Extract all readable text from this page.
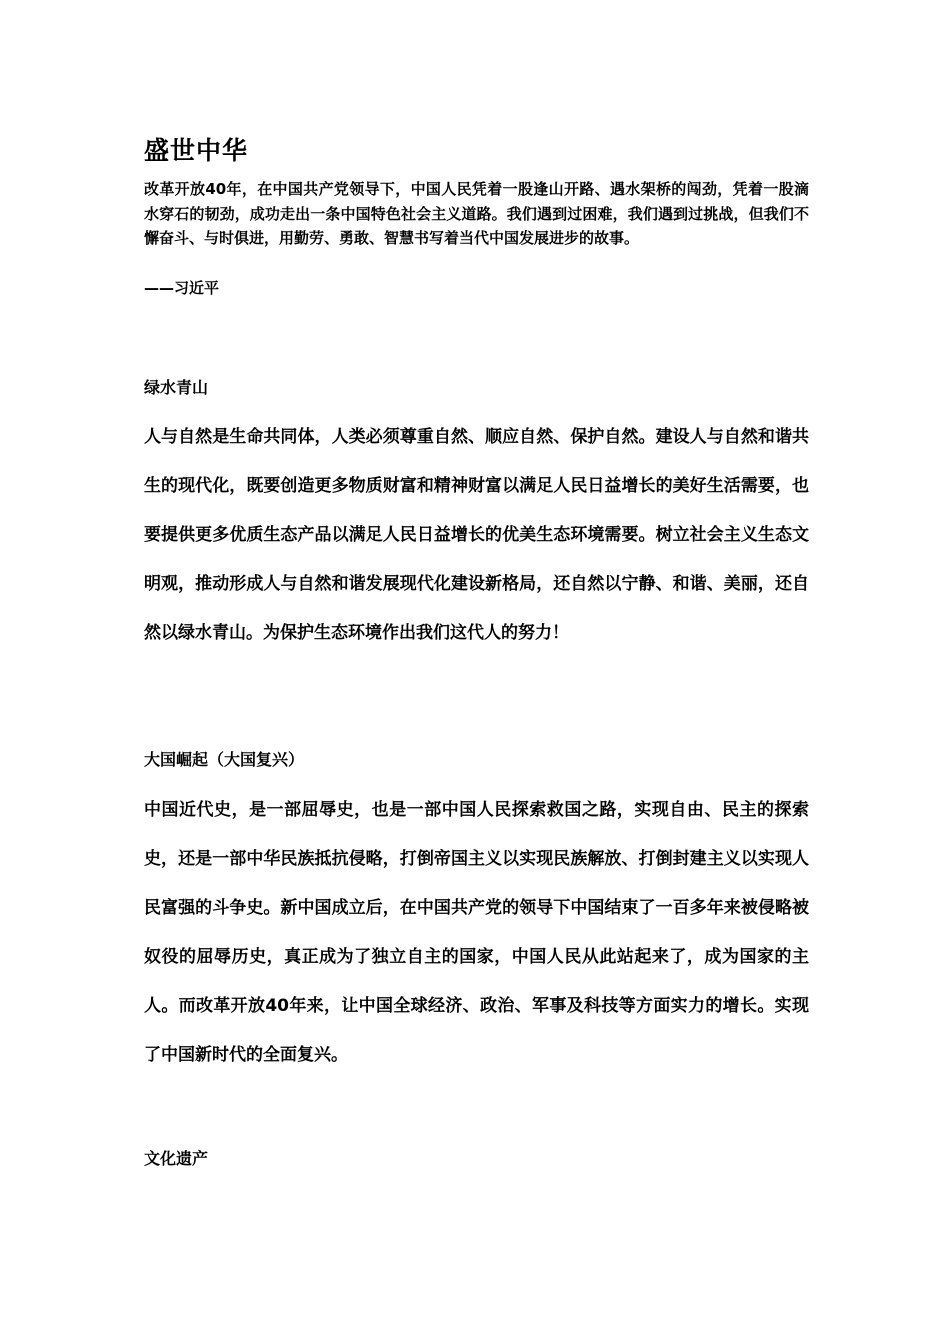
盛世中华
改革开放40年，在中国共产党领导下，中国人民凭着一股逢山开路、遇水架桥的闯劲，凭着一股滴水穿石的韧劲，成功走出一条中国特色社会主义道路。我们遇到过困难，我们遇到过挑战，但我们不懈奋斗、与时俱进，用勤劳、勇敢、智慧书写着当代中国发展进步的故事。
——习近平
绿水青山
人与自然是生命共同体，人类必须尊重自然、顺应自然、保护自然。建设人与自然和谐共生的现代化，既要创造更多物质财富和精神财富以满足人民日益增长的美好生活需要，也要提供更多优质生态产品以满足人民日益增长的优美生态环境需要。树立社会主义生态文明观，推动形成人与自然和谐发展现代化建设新格局，还自然以宁静、和谐、美丽，还自然以绿水青山。为保护生态环境作出我们这代人的努力！
大国崛起（大国复兴）
中国近代史，是一部屈辱史，也是一部中国人民探索救国之路，实现自由、民主的探索史，还是一部中华民族抵抗侵略，打倒帝国主义以实现民族解放、打倒封建主义以实现人民富强的斗争史。新中国成立后，在中国共产党的领导下中国结束了一百多年来被侵略被奴役的屈辱历史，真正成为了独立自主的国家，中国人民从此站起来了，成为国家的主人。而改革开放40年来，让中国全球经济、政治、军事及科技等方面实力的增长。实现了中国新时代的全面复兴。
文化遗产
